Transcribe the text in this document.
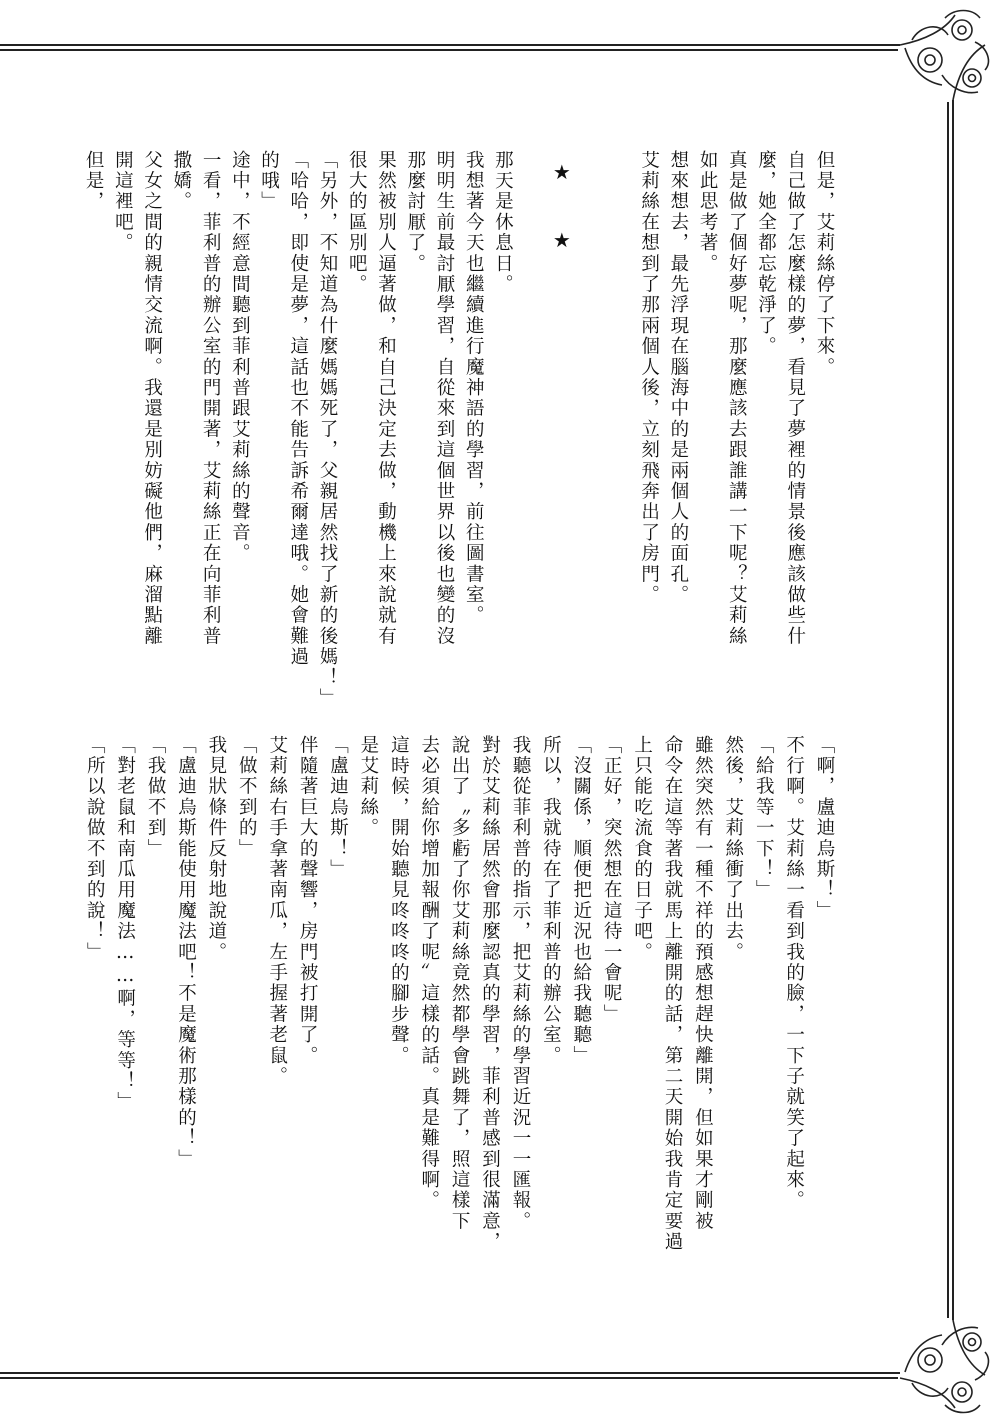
但是，艾莉絲停了下來。
自己做了怎麼樣的夢，看見了夢裡的情景後應該做些什
麼，她全都忘乾淨了。
真是做了個好夢呢，那麼應該去跟誰講一下呢？艾莉絲
如此思考著。
想來想去，最先浮現在腦海中的是兩個人的面孔。
艾莉絲在想到了那兩個人後，立刻飛奔出了房門。
★ ★
那天是休息日。
我想著今天也繼續進行魔神語的學習，前往圖書室。
明明生前最討厭學習，自從來到這個世界以後也變的沒
那麼討厭了。
果然被別人逼著做，和自己決定去做，動機上來說就有
很大的區別吧。
「另外，不知道為什麼媽媽死了，父親居然找了新的後媽！」
「哈哈，即使是夢，這話也不能告訴希爾達哦。她會難過
的哦」
途中，不經意間聽到菲利普跟艾莉絲的聲音。
一看，菲利普的辦公室的門開著，艾莉絲正在向菲利普
撒嬌。
父女之間的親情交流啊。我還是別妨礙他們，麻溜點離
開這裡吧。
但是，
「啊，盧迪烏斯！」
不行啊。艾莉絲一看到我的臉，一下子就笑了起來。
「給我等一下！」
然後，艾莉絲衝了出去。
雖然突然有一種不祥的預感想趕快離開，但如果才剛被
命令在這等著我就馬上離開的話，第二天開始我肯定要過
上只能吃流食的日子吧。
「正好，突然想在這待一會呢」
「沒關係，順便把近況也給我聽聽」
所以，我就待在了菲利普的辦公室。
我聽從菲利普的指示，把艾莉絲的學習近況一一匯報。
對於艾莉絲居然會那麼認真的學習，菲利普感到很滿意，
說出了〝多虧了你艾莉絲竟然都學會跳舞了，照這樣下
去必須給你增加報酬了呢〞這樣的話。真是難得啊。
這時候，開始聽見咚咚咚的腳步聲。
是艾莉絲。
「盧迪烏斯！」
伴隨著巨大的聲響，房門被打開了。
艾莉絲右手拿著南瓜，左手握著老鼠。
「做不到的」
我見狀條件反射地說道。
「盧迪烏斯能使用魔法吧！不是魔術那樣的！」
「我做不到」
「對老鼠和南瓜用魔法……啊，等等！」
「所以說做不到的說！」
